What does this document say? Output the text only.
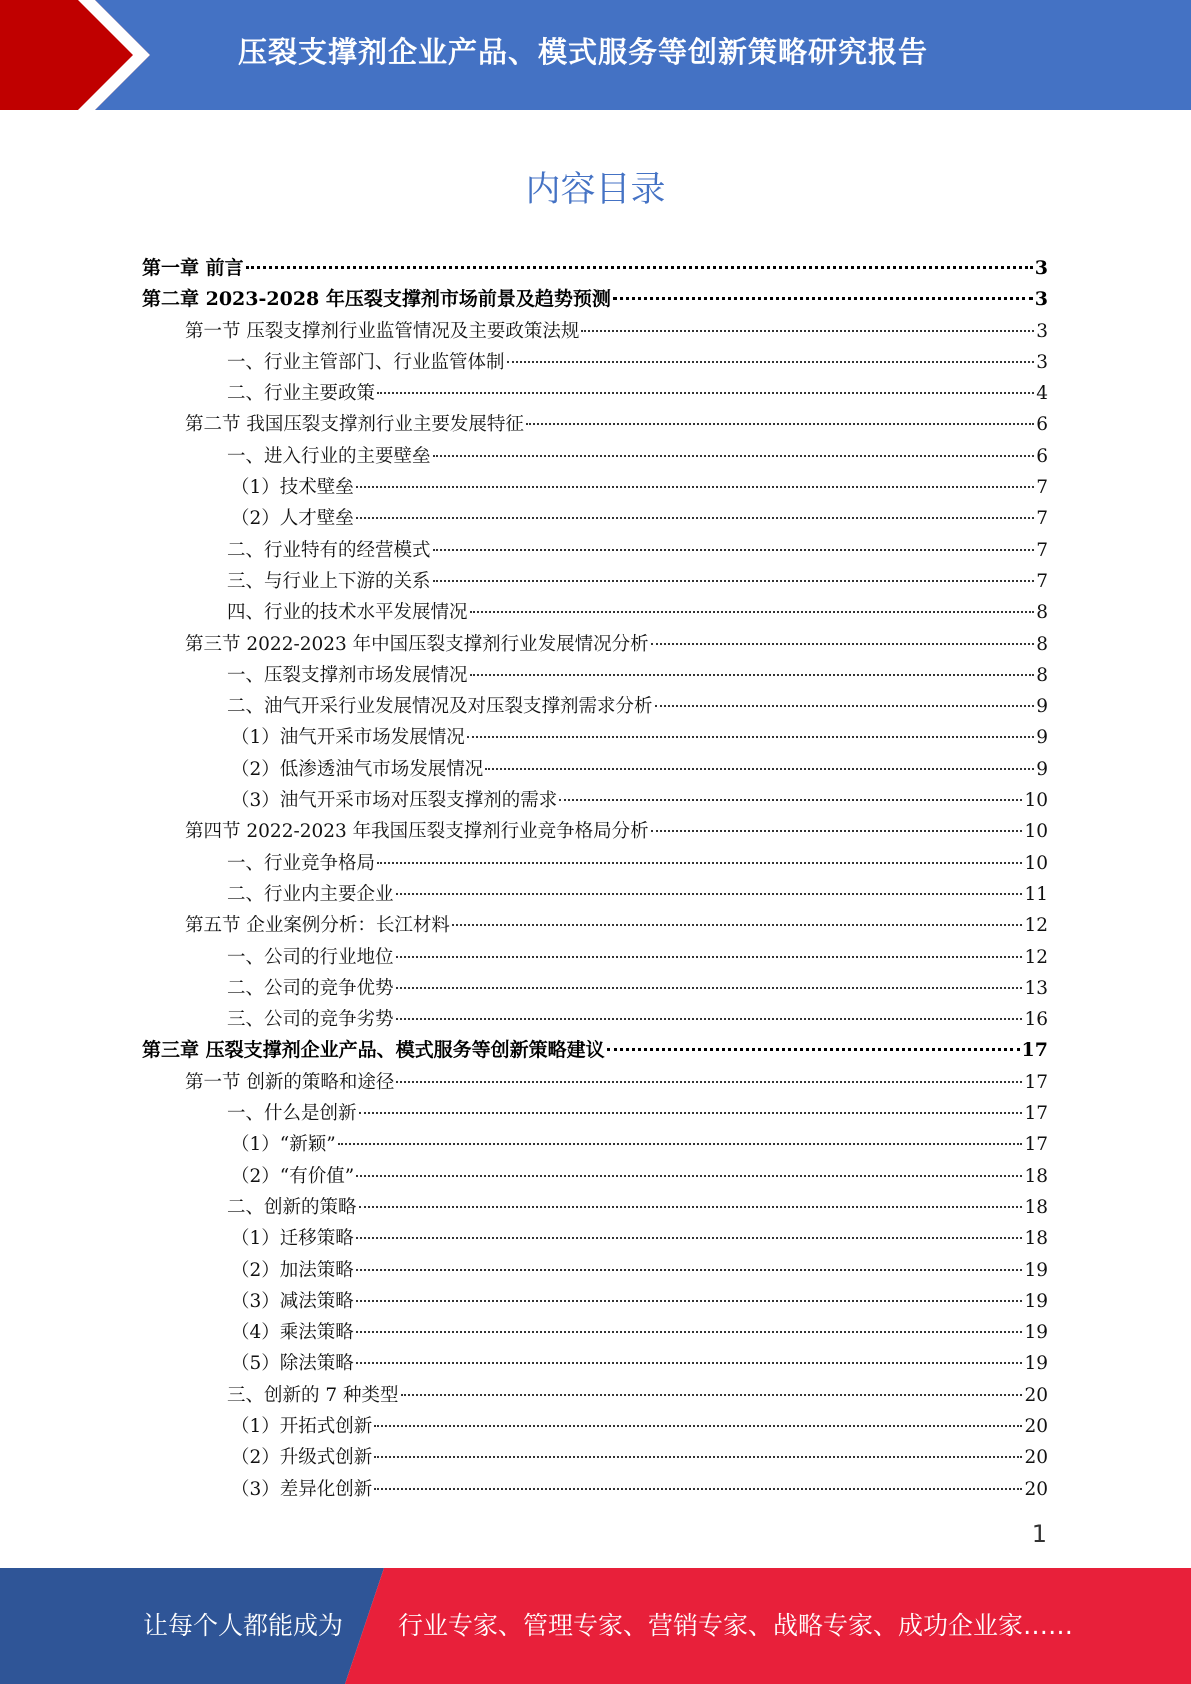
压裂支撑剂企业产品、模式服务等创新策略研究报告
内容目录
第一章 前言	3
第二章 2023-2028 年压裂支撑剂市场前景及趋势预测	3
第一节 压裂支撑剂行业监管情况及主要政策法规	3
一、行业主管部门、行业监管体制	3
二、行业主要政策	4
第二节 我国压裂支撑剂行业主要发展特征	6
一、进入行业的主要壁垒	6
（1）技术壁垒	7
（2）人才壁垒	7
二、行业特有的经营模式	7
三、与行业上下游的关系	7
四、行业的技术水平发展情况	8
第三节 2022-2023 年中国压裂支撑剂行业发展情况分析	8
一、压裂支撑剂市场发展情况	8
二、油气开采行业发展情况及对压裂支撑剂需求分析	9
（1）油气开采市场发展情况	9
（2）低渗透油气市场发展情况	9
（3）油气开采市场对压裂支撑剂的需求	10
第四节 2022-2023 年我国压裂支撑剂行业竞争格局分析	10
一、行业竞争格局	10
二、行业内主要企业	11
第五节 企业案例分析：长江材料	12
一、公司的行业地位	12
二、公司的竞争优势	13
三、公司的竞争劣势	16
第三章 压裂支撑剂企业产品、模式服务等创新策略建议	17
第一节 创新的策略和途径	17
一、什么是创新	17
（1）“新颖”	17
（2）“有价值”	18
二、创新的策略	18
（1）迁移策略	18
（2）加法策略	19
（3）减法策略	19
（4）乘法策略	19
（5）除法策略	19
三、创新的 7 种类型	20
（1）开拓式创新	20
（2）升级式创新	20
（3）差异化创新	20
1
让每个人都能成为 行业专家、管理专家、营销专家、战略专家、成功企业家……
